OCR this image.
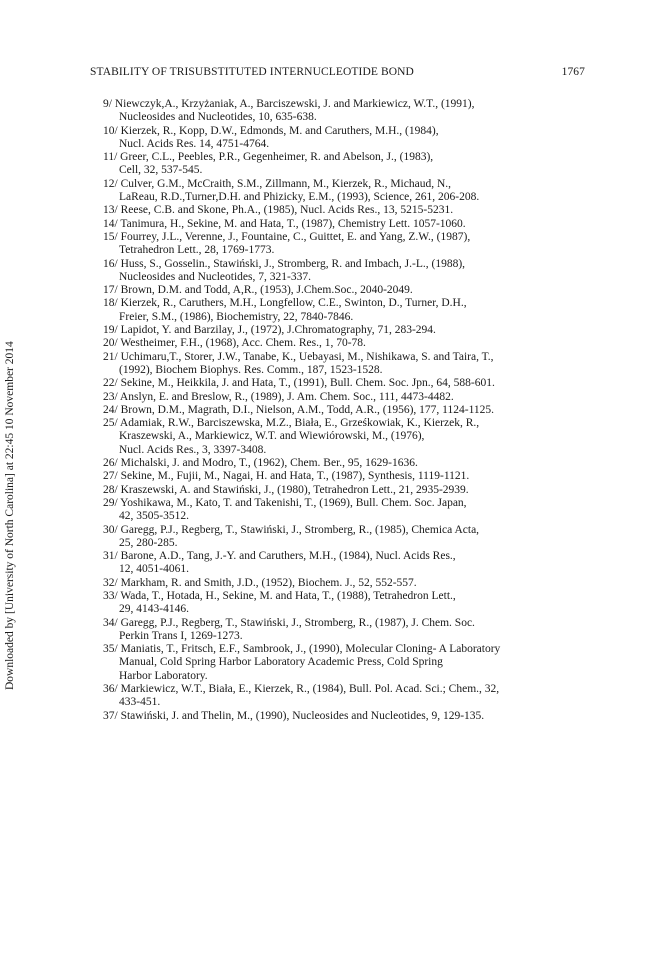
STABILITY OF TRISUBSTITUTED INTERNUCLEOTIDE BOND	1767
Downloaded by [University of North Carolina] at 22:45 10 November 2014
9/ Niewczyk,A., Krzyżaniak, A., Barciszewski, J. and Markiewicz, W.T., (1991),
Nucleosides and Nucleotides, 10, 635-638.
10/ Kierzek, R., Kopp, D.W., Edmonds, M. and Caruthers, M.H., (1984),
Nucl. Acids Res. 14, 4751-4764.
11/ Greer, C.L., Peebles, P.R., Gegenheimer, R. and Abelson, J., (1983),
Cell, 32, 537-545.
12/ Culver, G.M., McCraith, S.M., Zillmann, M., Kierzek, R., Michaud, N.,
LaReau, R.D.,Turner,D.H. and Phizicky, E.M., (1993), Science, 261, 206-208.
13/ Reese, C.B. and Skone, Ph.A., (1985), Nucl. Acids Res., 13, 5215-5231.
14/ Tanimura, H., Sekine, M. and Hata, T., (1987), Chemistry Lett. 1057-1060.
15/ Fourrey, J.L., Verenne, J., Fountaine, C., Guittet, E. and Yang, Z.W., (1987),
Tetrahedron Lett., 28, 1769-1773.
16/ Huss, S., Gosselin., Stawiński, J., Stromberg, R. and Imbach, J.-L., (1988),
Nucleosides and Nucleotides, 7, 321-337.
17/ Brown, D.M. and Todd, A,R., (1953), J.Chem.Soc., 2040-2049.
18/ Kierzek, R., Caruthers, M.H., Longfellow, C.E., Swinton, D., Turner, D.H.,
Freier, S.M., (1986), Biochemistry, 22, 7840-7846.
19/ Lapidot, Y. and Barzilay, J., (1972), J.Chromatography, 71, 283-294.
20/ Westheimer, F.H., (1968), Acc. Chem. Res., 1, 70-78.
21/ Uchimaru,T., Storer, J.W., Tanabe, K., Uebayasi, M., Nishikawa, S. and Taira, T.,
(1992), Biochem Biophys. Res. Comm., 187, 1523-1528.
22/ Sekine, M., Heikkila, J. and Hata, T., (1991), Bull. Chem. Soc. Jpn., 64, 588-601.
23/ Anslyn, E. and Breslow, R., (1989), J. Am. Chem. Soc., 111, 4473-4482.
24/ Brown, D.M., Magrath, D.I., Nielson, A.M., Todd, A.R., (1956), 177, 1124-1125.
25/ Adamiak, R.W., Barciszewska, M.Z., Biała, E., Grześkowiak, K., Kierzek, R.,
Kraszewski, A., Markiewicz, W.T. and Wiewiórowski, M., (1976),
Nucl. Acids Res., 3, 3397-3408.
26/ Michalski, J. and Modro, T., (1962), Chem. Ber., 95, 1629-1636.
27/ Sekine, M., Fujii, M., Nagai, H. and Hata, T., (1987), Synthesis, 1119-1121.
28/ Kraszewski, A. and Stawiński, J., (1980), Tetrahedron Lett., 21, 2935-2939.
29/ Yoshikawa, M., Kato, T. and Takenishi, T., (1969), Bull. Chem. Soc. Japan,
42, 3505-3512.
30/ Garegg, P.J., Regberg, T., Stawiński, J., Stromberg, R., (1985), Chemica Acta,
25, 280-285.
31/ Barone, A.D., Tang, J.-Y. and Caruthers, M.H., (1984), Nucl. Acids Res.,
12, 4051-4061.
32/ Markham, R. and Smith, J.D., (1952), Biochem. J., 52, 552-557.
33/ Wada, T., Hotada, H., Sekine, M. and Hata, T., (1988), Tetrahedron Lett.,
29, 4143-4146.
34/ Garegg, P.J., Regberg, T., Stawiński, J., Stromberg, R., (1987), J. Chem. Soc.
Perkin Trans I, 1269-1273.
35/ Maniatis, T., Fritsch, E.F., Sambrook, J., (1990), Molecular Cloning- A Laboratory
Manual, Cold Spring Harbor Laboratory Academic Press, Cold Spring
Harbor Laboratory.
36/ Markiewicz, W.T., Biała, E., Kierzek, R., (1984), Bull. Pol. Acad. Sci.; Chem., 32,
433-451.
37/ Stawiński, J. and Thelin, M., (1990), Nucleosides and Nucleotides, 9, 129-135.
